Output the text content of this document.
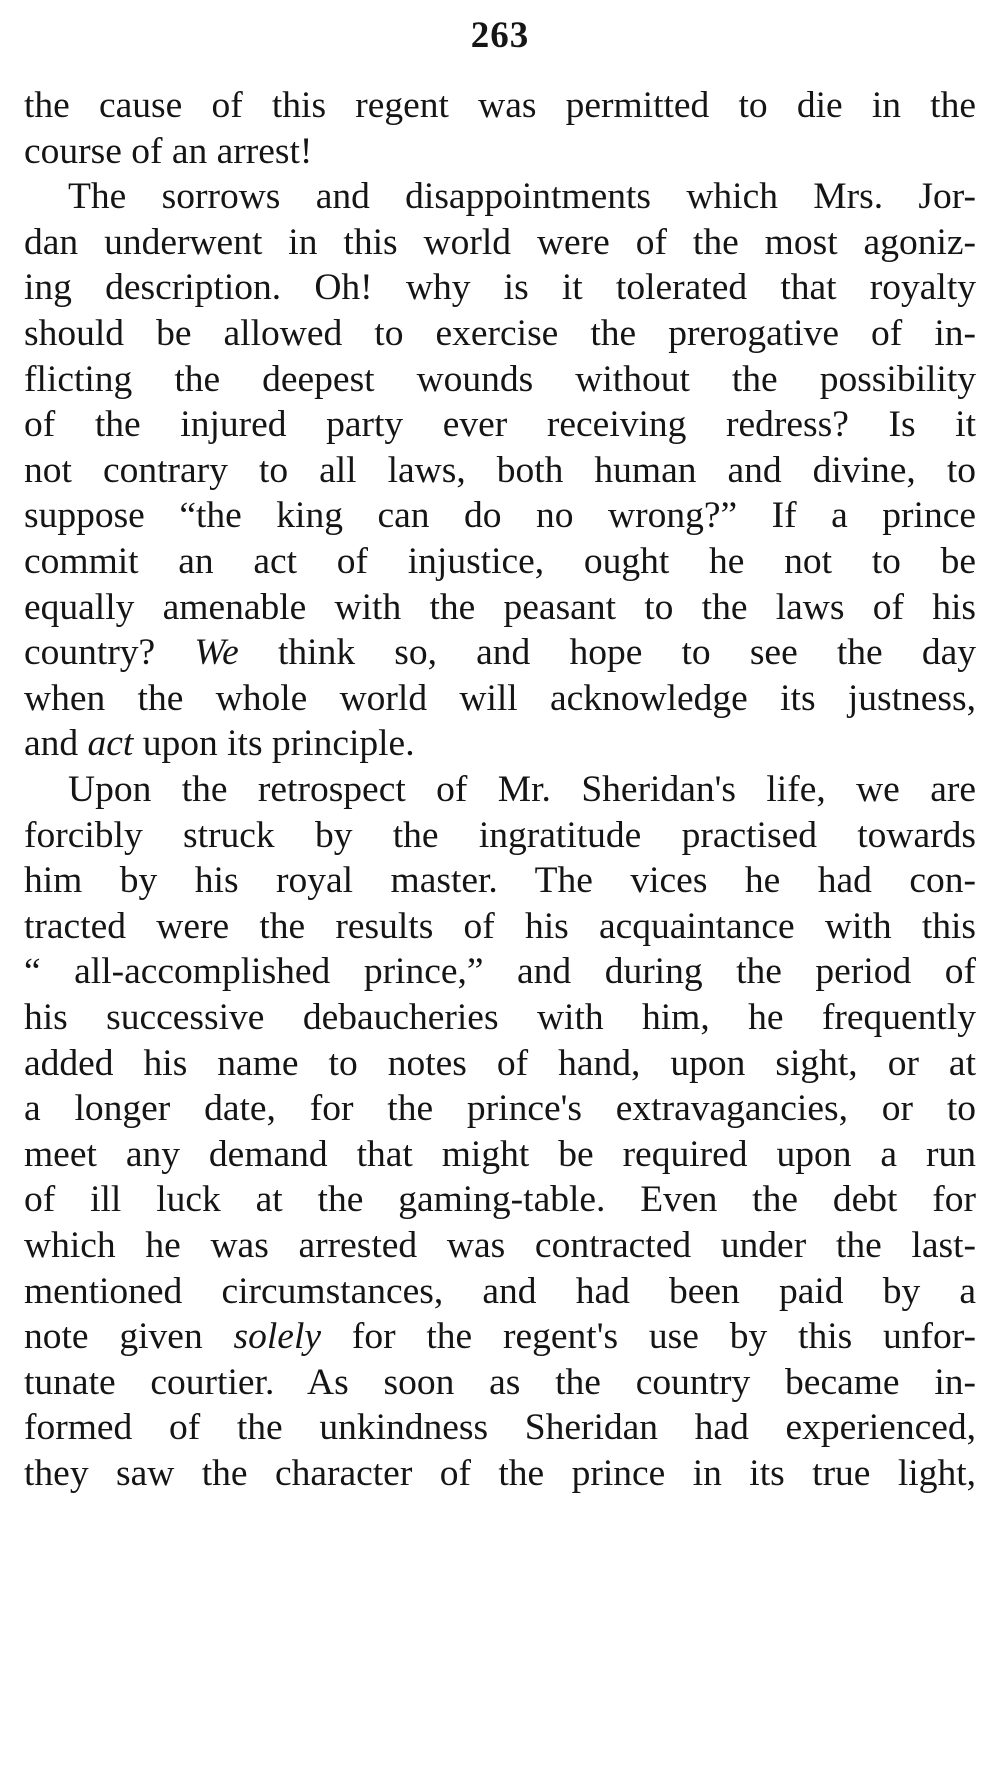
263
the cause of this regent was permitted to die in the
course of an arrest!
The sorrows and disappointments which Mrs. Jor-
dan underwent in this world were of the most agoniz-
ing description. Oh! why is it tolerated that royalty
should be allowed to exercise the prerogative of in-
flicting the deepest wounds without the possibility
of the injured party ever receiving redress? Is it
not contrary to all laws, both human and divine, to
suppose “the king can do no wrong?” If a prince
commit an act of injustice, ought he not to be
equally amenable with the peasant to the laws of his
country? We think so, and hope to see the day
when the whole world will acknowledge its justness,
and act upon its principle.
Upon the retrospect of Mr. Sheridan's life, we are
forcibly struck by the ingratitude practised towards
him by his royal master. The vices he had con-
tracted were the results of his acquaintance with this
“ all-accomplished prince,” and during the period of
his successive debaucheries with him, he frequently
added his name to notes of hand, upon sight, or at
a longer date, for the prince's extravagancies, or to
meet any demand that might be required upon a run
of ill luck at the gaming-table. Even the debt for
which he was arrested was contracted under the last-
mentioned circumstances, and had been paid by a
note given solely for the regent's use by this unfor-
tunate courtier. As soon as the country became in-
formed of the unkindness Sheridan had experienced,
they saw the character of the prince in its true light,
